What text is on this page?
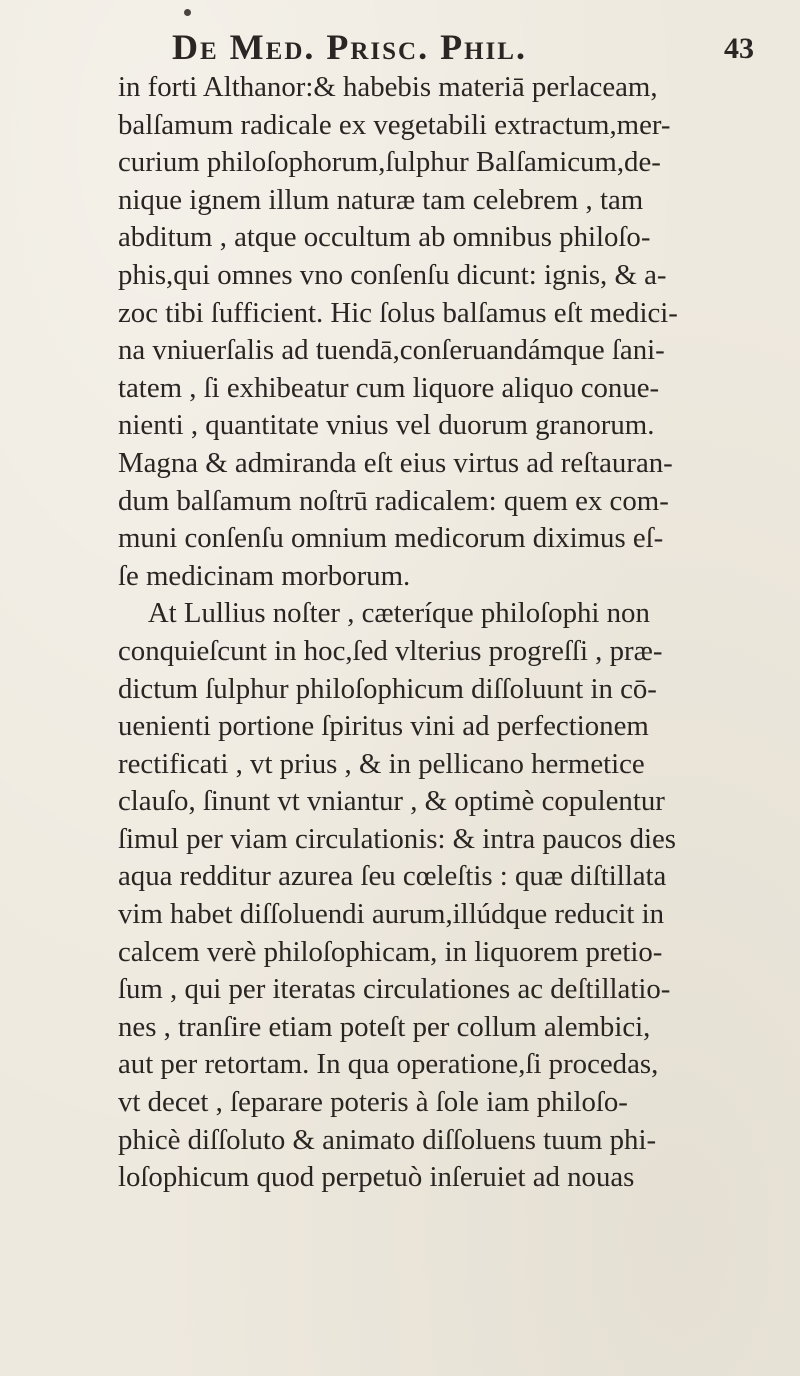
De Med. Prisc. Phil.	43
in forti Althanor:& habebis materiā perlaceam,
balſamum radicale ex vegetabili extractum,mer-
curium philoſophorum,ſulphur Balſamicum,de-
nique ignem illum naturæ tam celebrem , tam
abditum , atque occultum ab omnibus philoſo-
phis,qui omnes vno conſenſu dicunt: ignis, & a-
zoc tibi ſufficient. Hic ſolus balſamus eſt medici-
na vniuerſalis ad tuendā,conſeruandámque ſani-
tatem , ſi exhibeatur cum liquore aliquo conue-
nienti , quantitate vnius vel duorum granorum.
Magna & admiranda eſt eius virtus ad reſtauran-
dum balſamum noſtrū radicalem: quem ex com-
muni conſenſu omnium medicorum diximus eſ-
ſe medicinam morborum.
At Lullius noſter , cæteríque philoſophi non
conquieſcunt in hoc,ſed vlterius progreſſi , præ-
dictum ſulphur philoſophicum diſſoluunt in cō-
uenienti portione ſpiritus vini ad perfectionem
rectificati , vt prius , & in pellicano hermetice
clauſo, ſinunt vt vniantur , & optimè copulentur
ſimul per viam circulationis: & intra paucos dies
aqua redditur azurea ſeu cœleſtis : quæ diſtillata
vim habet diſſoluendi aurum,illúdque reducit in
calcem verè philoſophicam, in liquorem pretio-
ſum , qui per iteratas circulationes ac deſtillatio-
nes , tranſire etiam poteſt per collum alembici,
aut per retortam. In qua operatione,ſi procedas,
vt decet , ſeparare poteris à ſole iam philoſo-
phicè diſſoluto & animato diſſoluens tuum phi-
loſophicum quod perpetuò inſeruiet ad nouas
